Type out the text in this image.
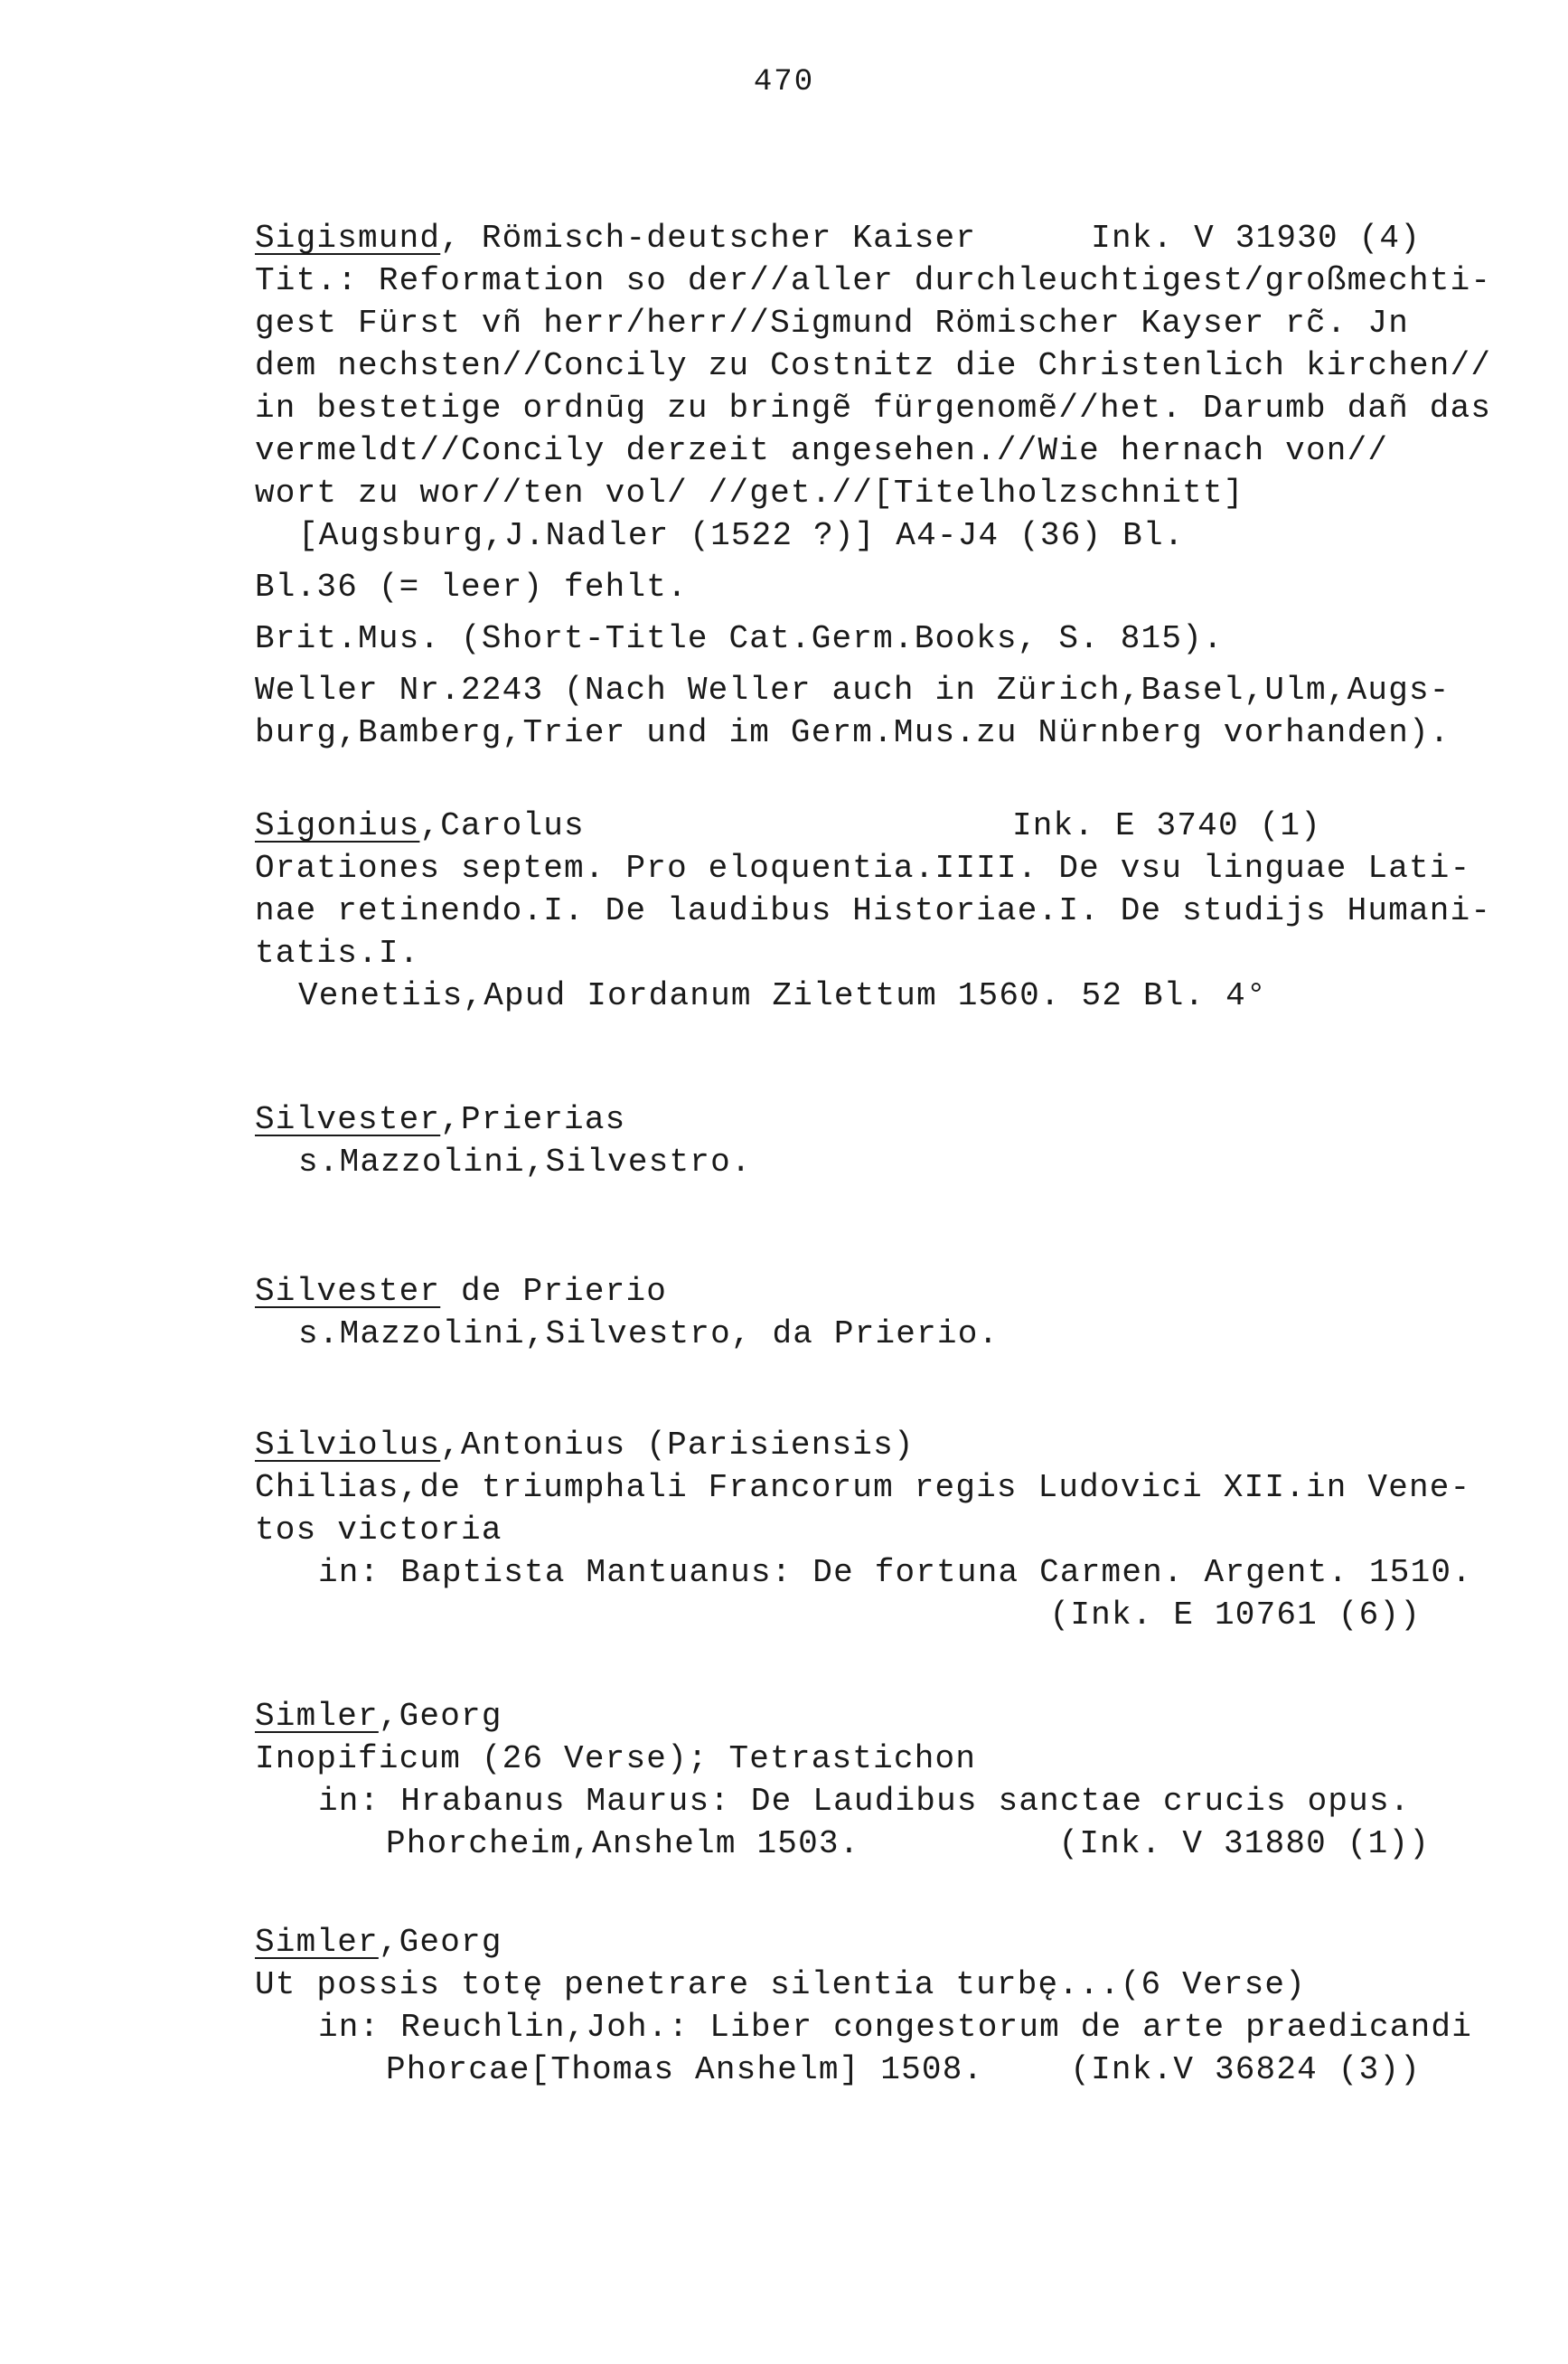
470
Sigismund, Römisch-deutscher Kaiser	Ink. V 31930 (4)
Tit.: Reformation so der//aller durchleuchtigest/großmechti-
gest Fürst vñ herr/herr//Sigmund Römischer Kayser rc̃. Jn
dem nechsten//Concily zu Costnitz die Christenlich kirchen//
in bestetige ordnūg zu bringẽ fürgenomẽ//het. Darumb dañ das
vermeldt//Concily derzeit angesehen.//Wie hernach von//
wort zu wor//ten vol/ //get.//[Titelholzschnitt]
[Augsburg,J.Nadler (1522 ?)] A4-J4 (36) Bl.
Bl.36 (= leer) fehlt.
Brit.Mus. (Short-Title Cat.Germ.Books, S. 815).
Weller Nr.2243 (Nach Weller auch in Zürich,Basel,Ulm,Augs-
burg,Bamberg,Trier und im Germ.Mus.zu Nürnberg vorhanden).
Sigonius,Carolus	Ink. E 3740 (1)
Orationes septem. Pro eloquentia.IIII. De vsu linguae Lati-
nae retinendo.I. De laudibus Historiae.I. De studijs Humani-
tatis.I.
Venetiis,Apud Iordanum Zilettum 1560. 52 Bl. 4°
Silvester,Prierias
s.Mazzolini,Silvestro.
Silvester de Prierio
s.Mazzolini,Silvestro, da Prierio.
Silviolus,Antonius (Parisiensis)
Chilias,de triumphali Francorum regis Ludovici XII.in Vene-
tos victoria
in: Baptista Mantuanus: De fortuna Carmen. Argent. 1510.
(Ink. E 10761 (6))
Simler,Georg
Inopificum (26 Verse); Tetrastichon
in: Hrabanus Maurus: De Laudibus sanctae crucis opus.
Phorcheim,Anshelm 1503.	(Ink. V 31880 (1))
Simler,Georg
Ut possis totę penetrare silentia turbę...(6 Verse)
in: Reuchlin,Joh.: Liber congestorum de arte praedicandi
Phorcae[Thomas Anshelm] 1508.	(Ink.V 36824 (3))
